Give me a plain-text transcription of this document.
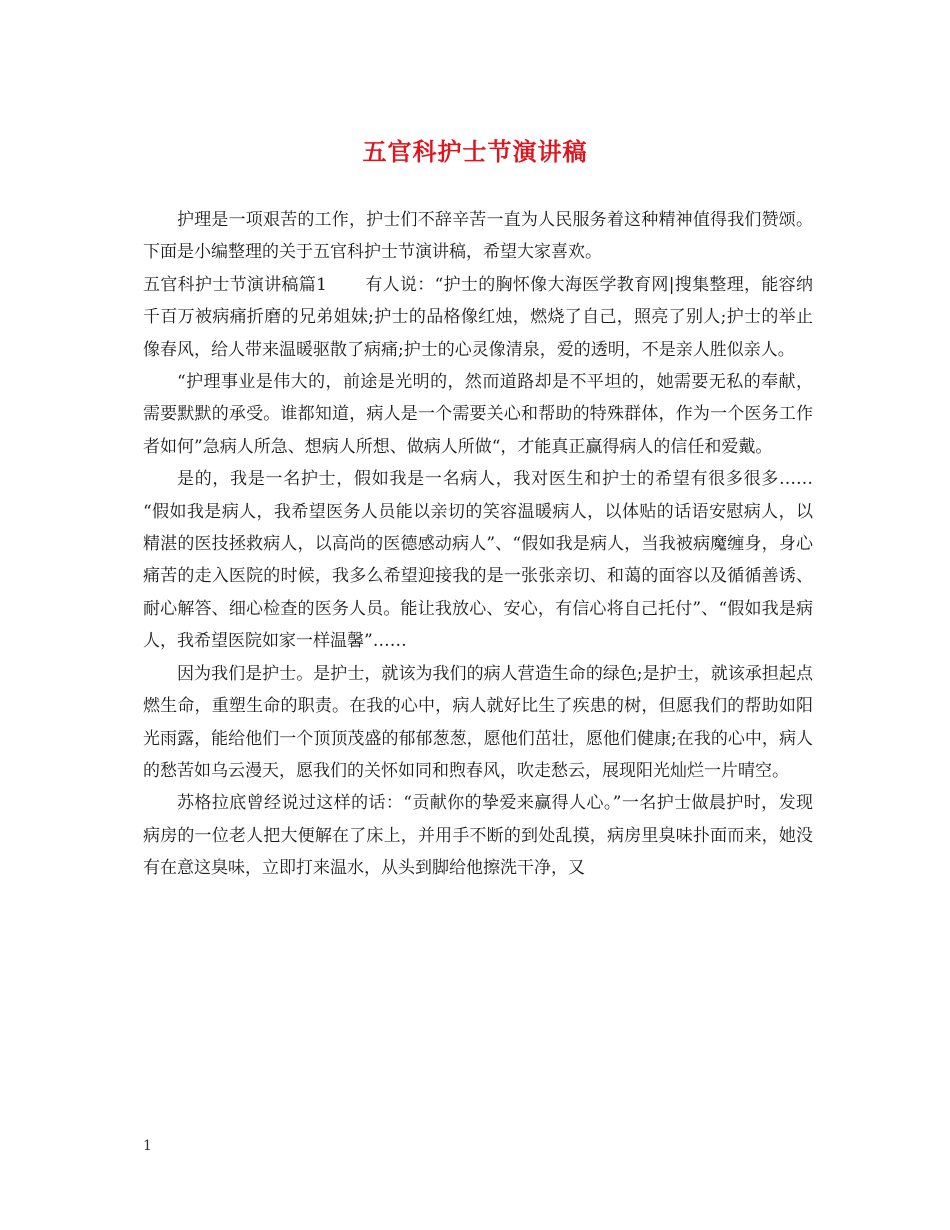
五官科护士节演讲稿

护理是一项艰苦的工作，护士们不辞辛苦一直为人民服务着这种精神值得我们赞颂。下面是小编整理的关于五官科护士节演讲稿，希望大家喜欢。

五官科护士节演讲稿篇1 有人说：“护士的胸怀像大海医学教育网|搜集整理，能容纳千百万被病痛折磨的兄弟姐妹;护士的品格像红烛，燃烧了自己，照亮了别人;护士的举止像春风，给人带来温暖驱散了病痛;护士的心灵像清泉，爱的透明，不是亲人胜似亲人。

“护理事业是伟大的，前途是光明的，然而道路却是不平坦的，她需要无私的奉献，需要默默的承受。谁都知道，病人是一个需要关心和帮助的特殊群体，作为一个医务工作者如何”急病人所急、想病人所想、做病人所做“，才能真正赢得病人的信任和爱戴。

是的，我是一名护士，假如我是一名病人，我对医生和护士的希望有很多很多…… “假如我是病人，我希望医务人员能以亲切的笑容温暖病人，以体贴的话语安慰病人，以精湛的医技拯救病人，以高尚的医德感动病人”、“假如我是病人，当我被病魔缠身，身心痛苦的走入医院的时候，我多么希望迎接我的是一张张亲切、和蔼的面容以及循循善诱、耐心解答、细心检查的医务人员。能让我放心、安心，有信心将自己托付”、“假如我是病人，我希望医院如家一样温馨”……

因为我们是护士。是护士，就该为我们的病人营造生命的绿色;是护士，就该承担起点燃生命，重塑生命的职责。在我的心中，病人就好比生了疾患的树，但愿我们的帮助如阳光雨露，能给他们一个顶顶茂盛的郁郁葱葱，愿他们茁壮，愿他们健康;在我的心中，病人的愁苦如乌云漫天，愿我们的关怀如同和煦春风，吹走愁云，展现阳光灿烂一片晴空。

苏格拉底曾经说过这样的话：“贡献你的挚爱来赢得人心。”一名护士做晨护时，发现病房的一位老人把大便解在了床上，并用手不断的到处乱摸，病房里臭味扑面而来，她没有在意这臭味，立即打来温水，从头到脚给他擦洗干净，又

1
